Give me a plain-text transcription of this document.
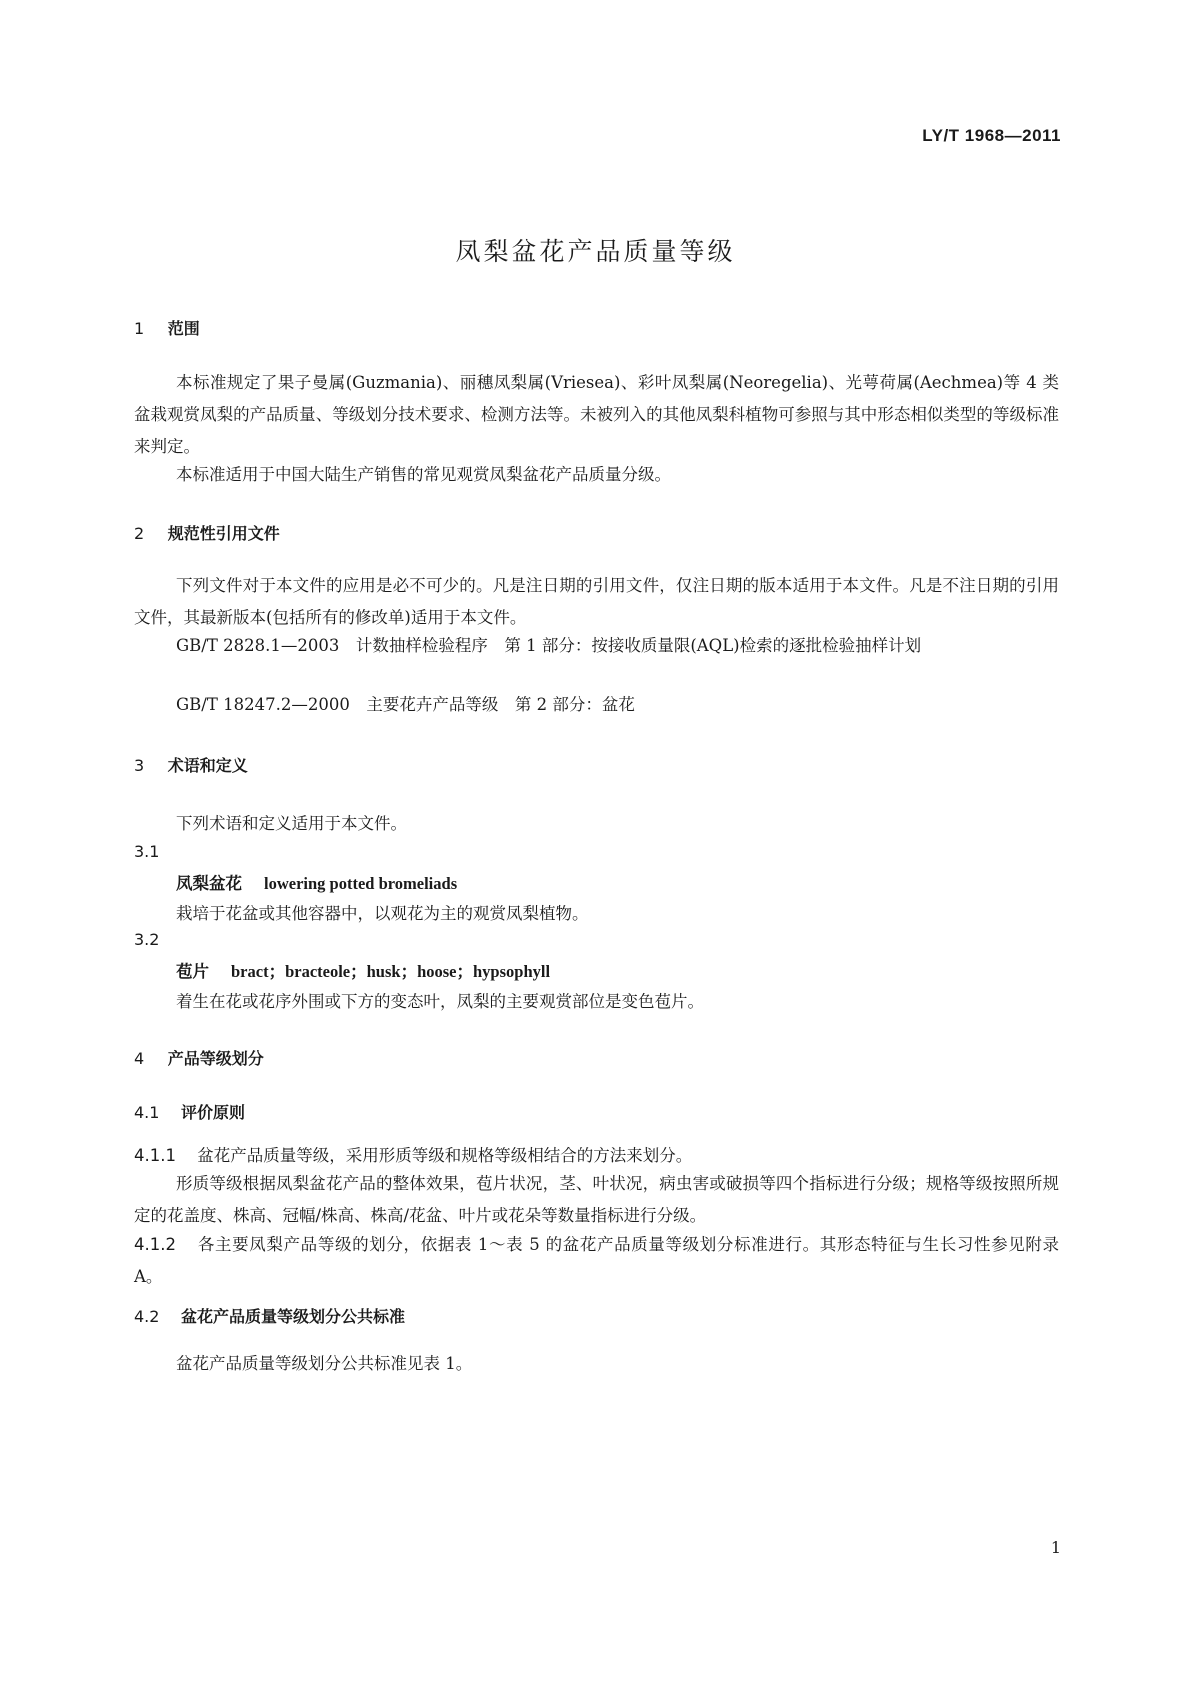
LY/T 1968—2011
凤梨盆花产品质量等级
1 范围
本标准规定了果子曼属(Guzmania)、丽穗凤梨属(Vriesea)、彩叶凤梨属(Neoregelia)、光萼荷属(Aechmea)等 4 类盆栽观赏凤梨的产品质量、等级划分技术要求、检测方法等。未被列入的其他凤梨科植物可参照与其中形态相似类型的等级标准来判定。
本标准适用于中国大陆生产销售的常见观赏凤梨盆花产品质量分级。
2 规范性引用文件
下列文件对于本文件的应用是必不可少的。凡是注日期的引用文件，仅注日期的版本适用于本文件。凡是不注日期的引用文件，其最新版本(包括所有的修改单)适用于本文件。
GB/T 2828.1—2003　计数抽样检验程序　第 1 部分：按接收质量限(AQL)检索的逐批检验抽样计划
GB/T 18247.2—2000　主要花卉产品等级　第 2 部分：盆花
3 术语和定义
下列术语和定义适用于本文件。
3.1
凤梨盆花 lowering potted bromeliads
栽培于花盆或其他容器中，以观花为主的观赏凤梨植物。
3.2
苞片 bract；bracteole；husk；hoose；hypsophyll
着生在花或花序外围或下方的变态叶，凤梨的主要观赏部位是变色苞片。
4 产品等级划分
4.1 评价原则
4.1.1 盆花产品质量等级，采用形质等级和规格等级相结合的方法来划分。
形质等级根据凤梨盆花产品的整体效果，苞片状况，茎、叶状况，病虫害或破损等四个指标进行分级；规格等级按照所规定的花盖度、株高、冠幅/株高、株高/花盆、叶片或花朵等数量指标进行分级。
4.1.2 各主要凤梨产品等级的划分，依据表 1～表 5 的盆花产品质量等级划分标准进行。其形态特征与生长习性参见附录 A。
4.2 盆花产品质量等级划分公共标准
盆花产品质量等级划分公共标准见表 1。
1
